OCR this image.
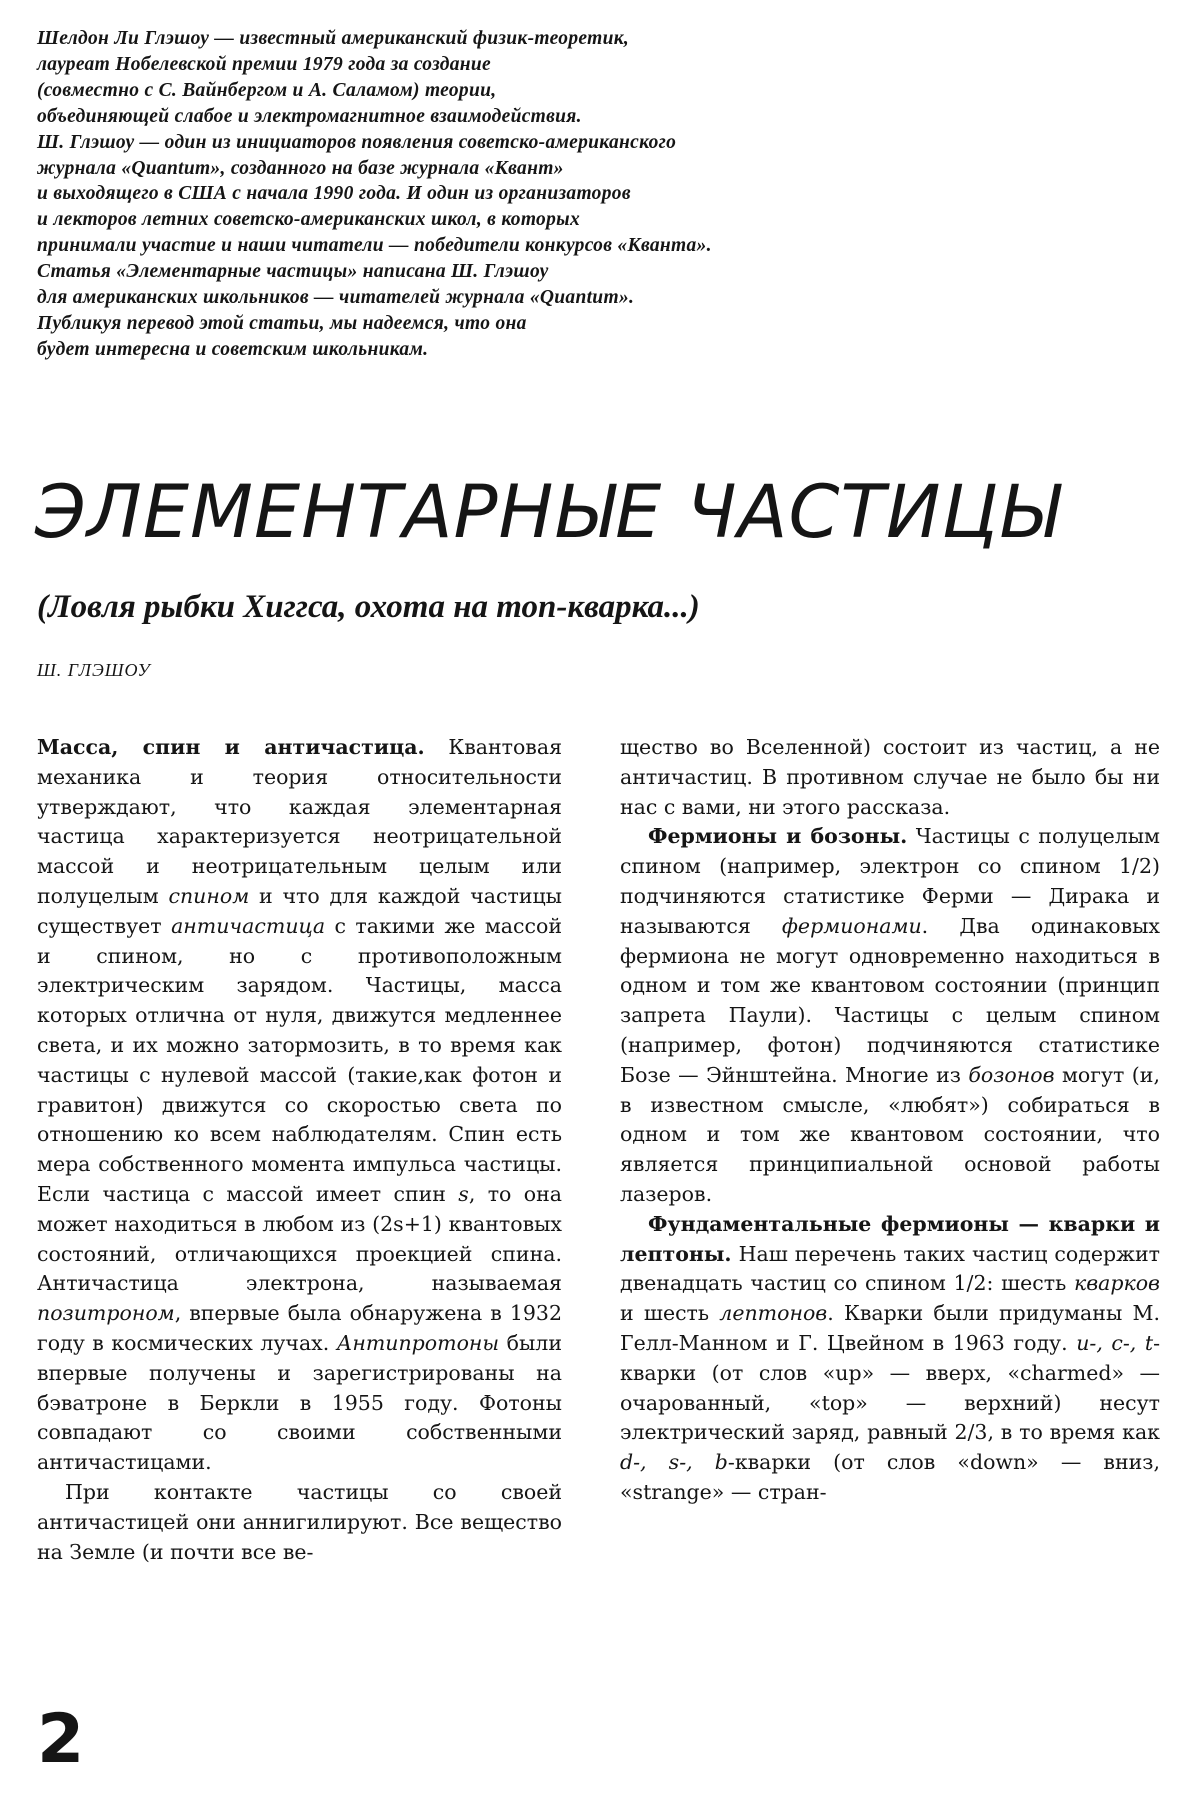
Шелдон Ли Глэшоу — известный американский физик-теоретик,
лауреат Нобелевской премии 1979 года за создание
(совместно с С. Вайнбергом и А. Саламом) теории,
объединяющей слабое и электромагнитное взаимодействия.
Ш. Глэшоу — один из инициаторов появления советско-американского
журнала «Quantum», созданного на базе журнала «Квант»
и выходящего в США с начала 1990 года. И один из организаторов
и лекторов летних советско-американских школ, в которых
принимали участие и наши читатели — победители конкурсов «Кванта».
Статья «Элементарные частицы» написана Ш. Глэшоу
для американских школьников — читателей журнала «Quantum».
Публикуя перевод этой статьи, мы надеемся, что она
будет интересна и советским школьникам.
ЭЛЕМЕНТАРНЫЕ ЧАСТИЦЫ
(Ловля рыбки Хиггса, охота на топ-кварка...)
Ш. ГЛЭШОУ

Масса, спин и античастица. Квантовая механика и теория относительности утверждают, что каждая элементарная частица характеризуется неотрицательной массой и неотрицательным целым или полуцелым спином и что для каждой частицы существует античастица с такими же массой и спином, но с противоположным электрическим зарядом. Частицы, масса которых отлична от нуля, движутся медленнее света, и их можно затормозить, в то время как частицы с нулевой массой (такие,как фотон и гравитон) движутся со скоростью света по отношению ко всем наблюдателям. Спин есть мера собственного момента импульса частицы. Если частица с массой имеет спин s, то она может находиться в любом из (2s+1) квантовых состояний, отличающихся проекцией спина. Античастица электрона, называемая позитроном, впервые была обнаружена в 1932 году в космических лучах. Антипротоны были впервые получены и зарегистрированы на бэватроне в Беркли в 1955 году. Фотоны совпадают со своими собственными античастицами.

При контакте частицы со своей античастицей они аннигилируют. Все вещество на Земле (и почти все ве-

щество во Вселенной) состоит из частиц, а не античастиц. В противном случае не было бы ни нас с вами, ни этого рассказа.

Фермионы и бозоны. Частицы с полуцелым спином (например, электрон со спином 1/2) подчиняются статистике Ферми — Дирака и называются фермионами. Два одинаковых фермиона не могут одновременно находиться в одном и том же квантовом состоянии (принцип запрета Паули). Частицы с целым спином (например, фотон) подчиняются статистике Бозе — Эйнштейна. Многие из бозонов могут (и, в известном смысле, «любят») собираться в одном и том же квантовом состоянии, что является принципиальной основой работы лазеров.

Фундаментальные фермионы — кварки и лептоны. Наш перечень таких частиц содержит двенадцать частиц со спином 1/2: шесть кварков и шесть лептонов. Кварки были придуманы М. Гелл-Манном и Г. Цвейном в 1963 году. u-, c-, t-кварки (от слов «up» — вверх, «charmed» — очарованный, «top» — верхний) несут электрический заряд, равный 2/3, в то время как d-, s-, b-кварки (от слов «down» — вниз, «strange» — стран-

2
